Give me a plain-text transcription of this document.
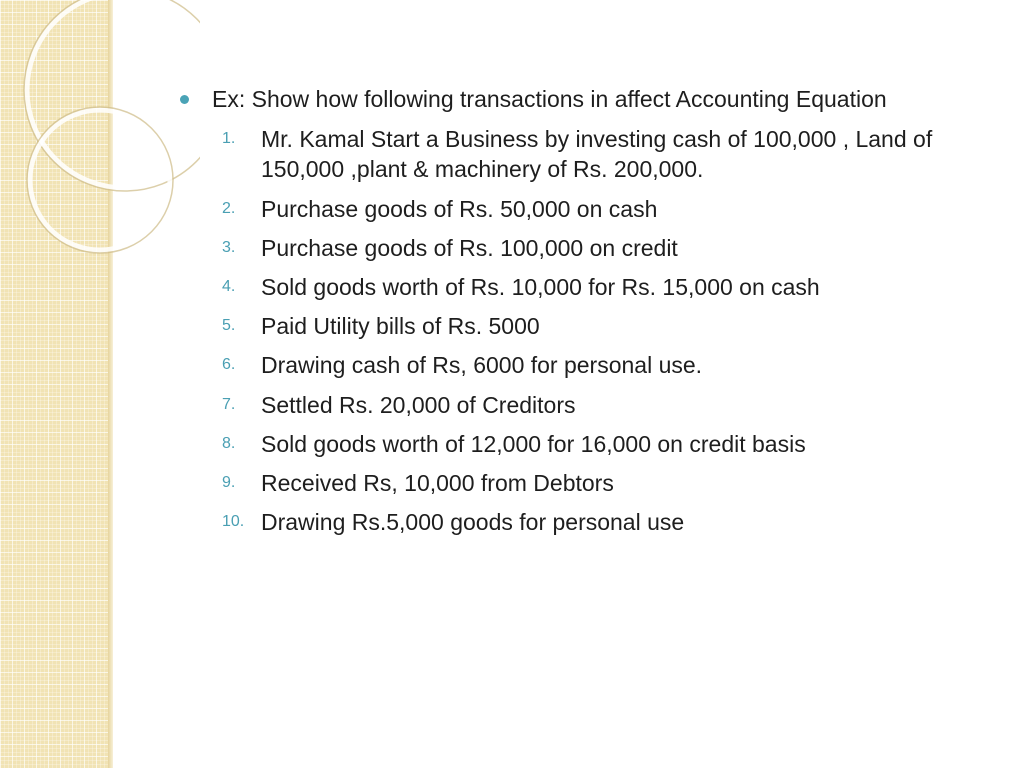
Ex: Show how following transactions in affect Accounting Equation
1. Mr. Kamal Start a Business by investing cash of 100,000 , Land of 150,000 ,plant & machinery of Rs. 200,000.
2. Purchase goods of Rs. 50,000 on cash
3. Purchase goods of Rs. 100,000 on credit
4. Sold goods worth of Rs. 10,000 for Rs. 15,000 on cash
5. Paid Utility bills of Rs. 5000
6. Drawing cash of Rs, 6000 for personal use.
7. Settled Rs. 20,000 of Creditors
8. Sold goods worth of 12,000 for 16,000 on credit basis
9. Received Rs, 10,000 from Debtors
10. Drawing Rs.5,000 goods for personal use
